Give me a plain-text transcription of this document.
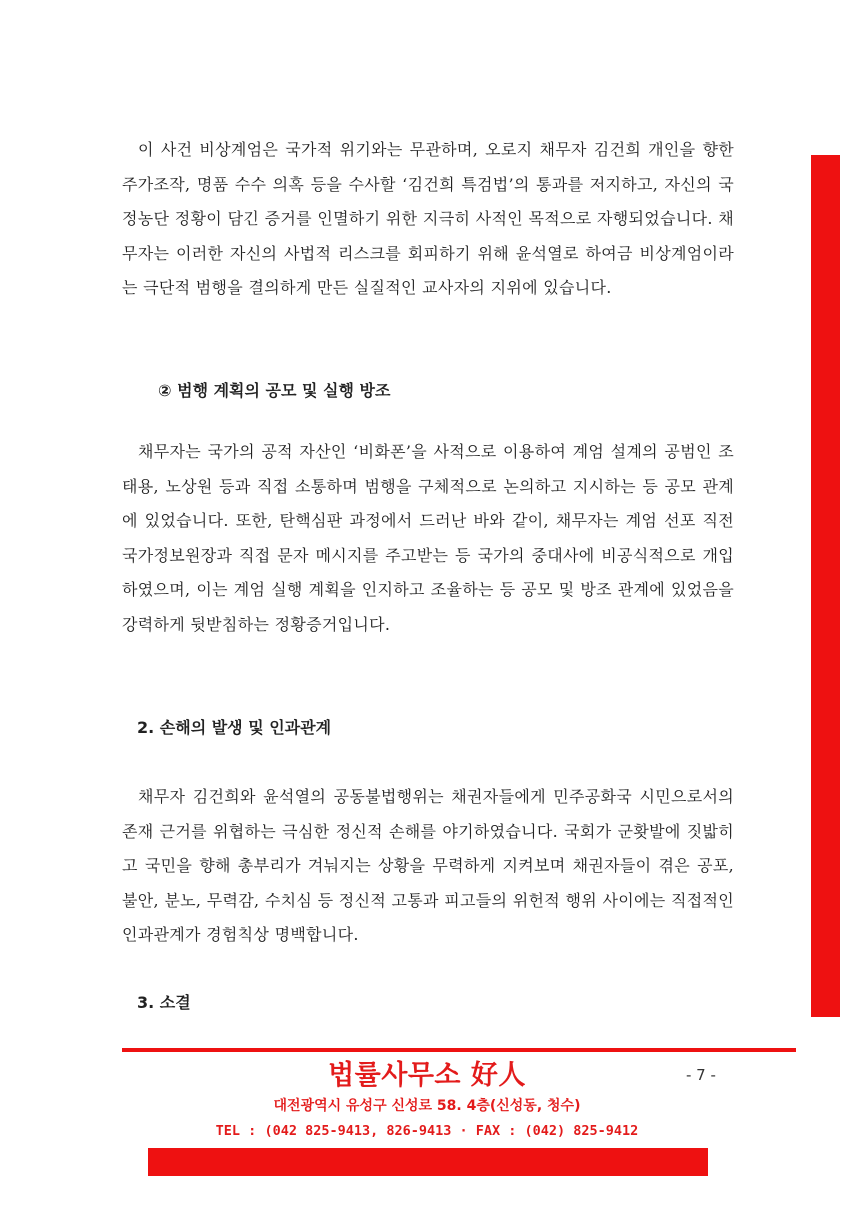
이 사건 비상계엄은 국가적 위기와는 무관하며, 오로지 채무자 김건희 개인을 향한 주가조작, 명품 수수 의혹 등을 수사할 ‘김건희 특검법’의 통과를 저지하고, 자신의 국정농단 정황이 담긴 증거를 인멸하기 위한 지극히 사적인 목적으로 자행되었습니다. 채무자는 이러한 자신의 사법적 리스크를 회피하기 위해 윤석열로 하여금 비상계엄이라는 극단적 범행을 결의하게 만든 실질적인 교사자의 지위에 있습니다.

② 범행 계획의 공모 및 실행 방조

채무자는 국가의 공적 자산인 ‘비화폰’을 사적으로 이용하여 계엄 설계의 공범인 조태용, 노상원 등과 직접 소통하며 범행을 구체적으로 논의하고 지시하는 등 공모 관계에 있었습니다. 또한, 탄핵심판 과정에서 드러난 바와 같이, 채무자는 계엄 선포 직전 국가정보원장과 직접 문자 메시지를 주고받는 등 국가의 중대사에 비공식적으로 개입하였으며, 이는 계엄 실행 계획을 인지하고 조율하는 등 공모 및 방조 관계에 있었음을 강력하게 뒷받침하는 정황증거입니다.

2. 손해의 발생 및 인과관계

채무자 김건희와 윤석열의 공동불법행위는 채권자들에게 민주공화국 시민으로서의 존재 근거를 위협하는 극심한 정신적 손해를 야기하였습니다. 국회가 군홧발에 짓밟히고 국민을 향해 총부리가 겨눠지는 상황을 무력하게 지켜보며 채권자들이 겪은 공포, 불안, 분노, 무력감, 수치심 등 정신적 고통과 피고들의 위헌적 행위 사이에는 직접적인 인과관계가 경험칙상 명백합니다.

3. 소결
법률사무소 好人	- 7 -
대전광역시 유성구 신성로 58. 4층(신성동, 청수)
TEL : (042 825-9413, 826-9413 · FAX : (042) 825-9412
